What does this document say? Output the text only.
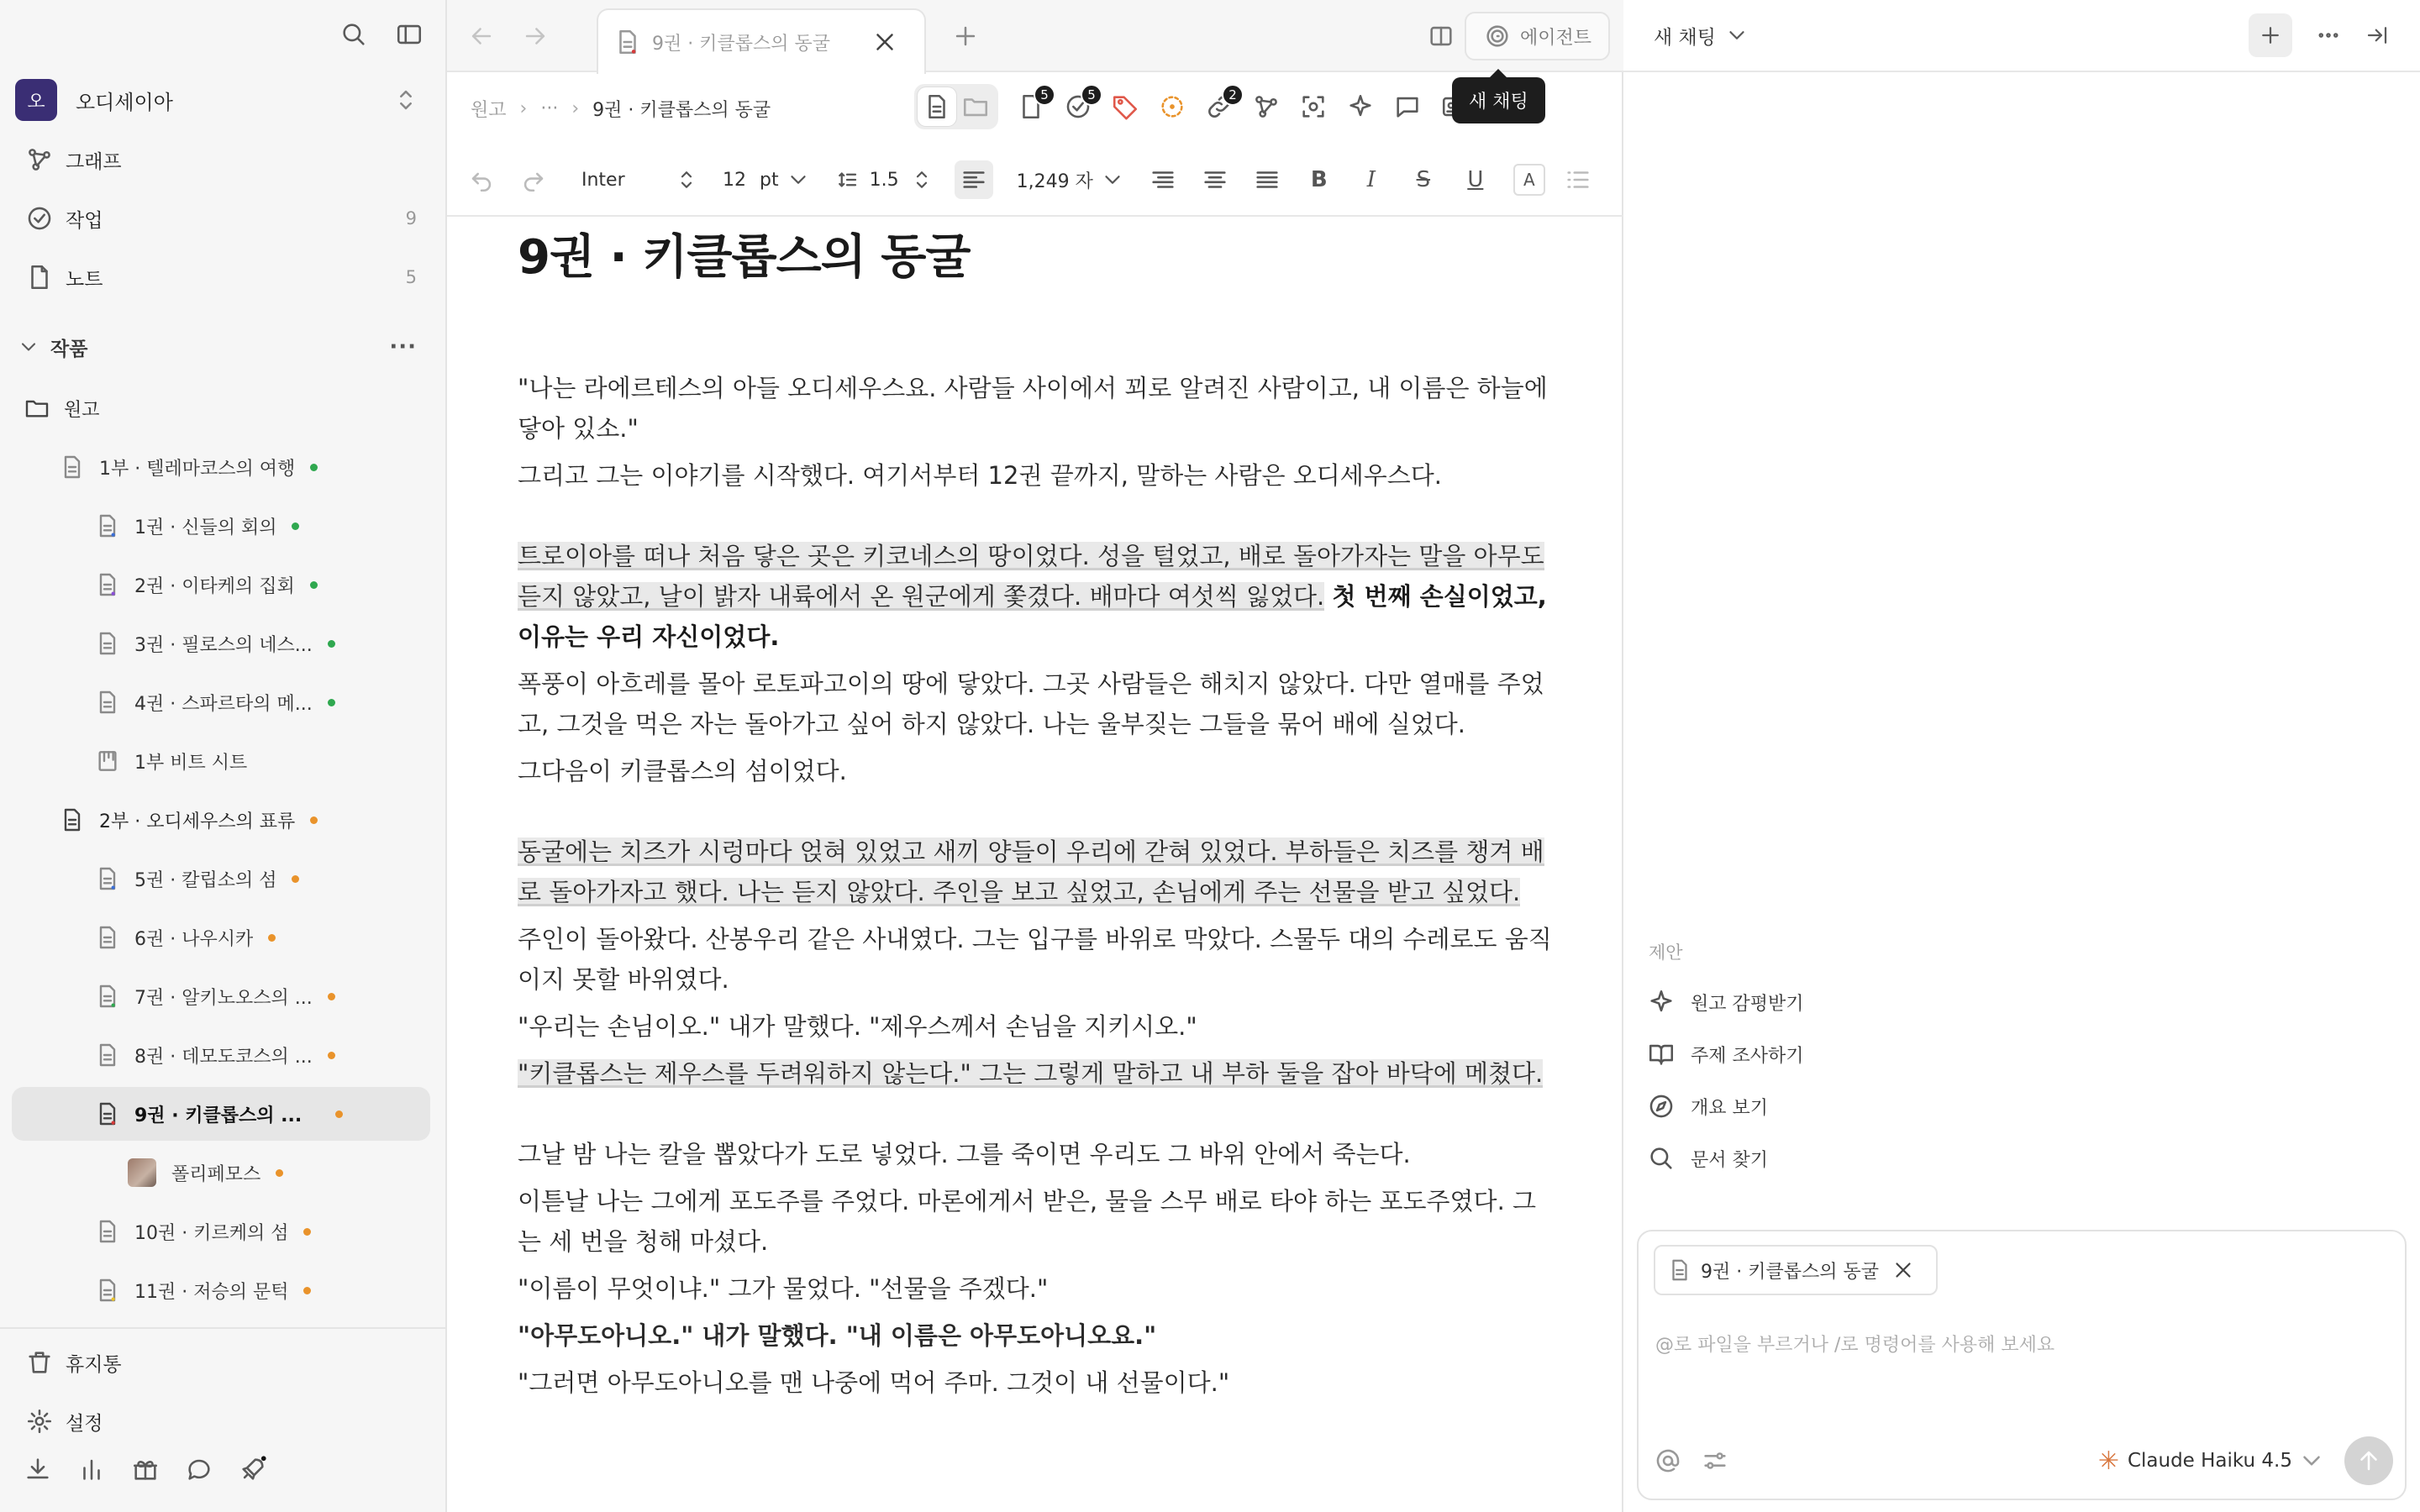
오	오디세이아
그래프
작업	9
노트	5
작품	···
원고
1부 · 텔레마코스의 여행
1권 · 신들의 회의
2권 · 이타케의 집회
3권 · 필로스의 네스...
4권 · 스파르타의 메...
1부 비트 시트
2부 · 오디세우스의 표류
5권 · 칼립소의 섬
6권 · 나우시카
7권 · 알키노오스의 ...
8권 · 데모도코스의 ...
9권 · 키클롭스의 ...
폴리페모스
10권 · 키르케의 섬
11권 · 저승의 문턱
휴지통
설정
9권 · 키클롭스의 동굴	에이전트
원고 › ··· › 9권 · 키클롭스의 동굴
5	5	2
Inter	12 pt	1.5	1,249 자	B	I	S	U	A
9권 · 키클롭스의 동굴

"나는 라에르테스의 아들 오디세우스요. 사람들 사이에서 꾀로 알려진 사람이고, 내 이름은 하늘에 닿아 있소."

그리고 그는 이야기를 시작했다. 여기서부터 12권 끝까지, 말하는 사람은 오디세우스다.

트로이아를 떠나 처음 닿은 곳은 키코네스의 땅이었다. 성을 털었고, 배로 돌아가자는 말을 아무도 듣지 않았고, 날이 밝자 내륙에서 온 원군에게 쫓겼다. 배마다 여섯씩 잃었다. 첫 번째 손실이었고, 이유는 우리 자신이었다.

폭풍이 아흐레를 몰아 로토파고이의 땅에 닿았다. 그곳 사람들은 해치지 않았다. 다만 열매를 주었고, 그것을 먹은 자는 돌아가고 싶어 하지 않았다. 나는 울부짖는 그들을 묶어 배에 실었다.

그다음이 키클롭스의 섬이었다.

동굴에는 치즈가 시렁마다 얹혀 있었고 새끼 양들이 우리에 갇혀 있었다. 부하들은 치즈를 챙겨 배로 돌아가자고 했다. 나는 듣지 않았다. 주인을 보고 싶었고, 손님에게 주는 선물을 받고 싶었다.

주인이 돌아왔다. 산봉우리 같은 사내였다. 그는 입구를 바위로 막았다. 스물두 대의 수레로도 움직이지 못할 바위였다.

"우리는 손님이오." 내가 말했다. "제우스께서 손님을 지키시오."

"키클롭스는 제우스를 두려워하지 않는다." 그는 그렇게 말하고 내 부하 둘을 잡아 바닥에 메쳤다.

그날 밤 나는 칼을 뽑았다가 도로 넣었다. 그를 죽이면 우리도 그 바위 안에서 죽는다.

이튿날 나는 그에게 포도주를 주었다. 마론에게서 받은, 물을 스무 배로 타야 하는 포도주였다. 그는 세 번을 청해 마셨다.

"이름이 무엇이냐." 그가 물었다. "선물을 주겠다."

"아무도아니오." 내가 말했다. "내 이름은 아무도아니오요."

"그러면 아무도아니오를 맨 나중에 먹어 주마. 그것이 내 선물이다."

새 채팅
제안
원고 감평받기
주제 조사하기
개요 보기
문서 찾기
9권 · 키클롭스의 동굴
@로 파일을 부르거나 /로 명령어를 사용해 보세요
✳ Claude Haiku 4.5
새 채팅
